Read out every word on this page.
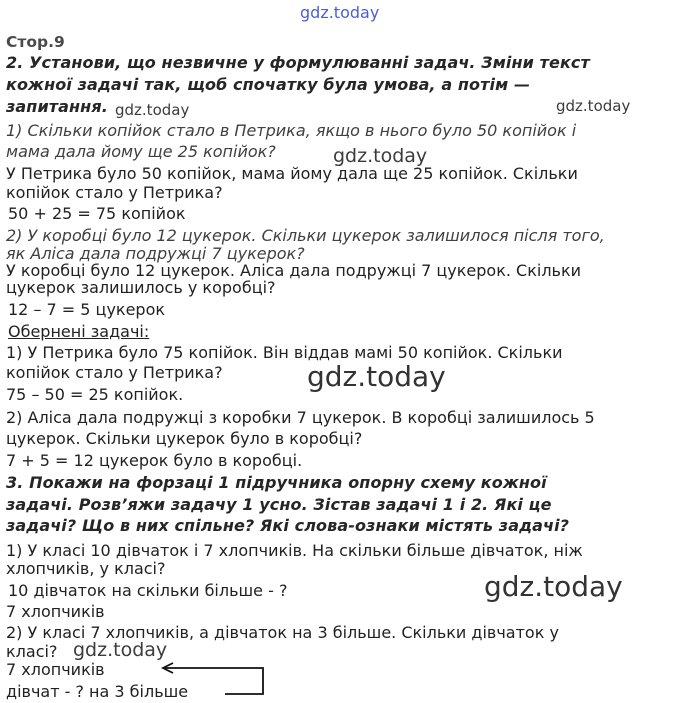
gdz.today
Стор.9
2. Установи, що незвичне у формулюванні задач. Зміни текст
кожної задачі так, щоб спочатку була умова, а потім —
запитання. gdz.today	gdz.today
1) Скільки копійок стало в Петрика, якщо в нього було 50 копійок і
мама дала йому ще 25 копійок?	gdz.today
У Петрика було 50 копійок, мама йому дала ще 25 копійок. Скільки
копійок стало у Петрика?
50 + 25 = 75 копійок
2) У коробці було 12 цукерок. Скільки цукерок залишилося після того,
як Аліса дала подружці 7 цукерок?
У коробці було 12 цукерок. Аліса дала подружці 7 цукерок. Скільки
цукерок залишилось у коробці?
12 – 7 = 5 цукерок
Обернені задачі:
1) У Петрика було 75 копійок. Він віддав мамі 50 копійок. Скільки
копійок стало у Петрика?	gdz.today
75 – 50 = 25 копійок.
2) Аліса дала подружці з коробки 7 цукерок. В коробці залишилось 5
цукерок. Скільки цукерок було в коробці?
7 + 5 = 12 цукерок було в коробці.
3. Покажи на форзаці 1 підручника опорну схему кожної
задачі. Розв’яжи задачу 1 усно. Зістав задачі 1 і 2. Які це
задачі? Що в них спільне? Які слова-ознаки містять задачі?
1) У класі 10 дівчаток і 7 хлопчиків. На скільки більше дівчаток, ніж
хлопчиків, у класі?
10 дівчаток на скільки більше - ?	gdz.today
7 хлопчиків
2) У класі 7 хлопчиків, а дівчаток на 3 більше. Скільки дівчаток у
класі? gdz.today
7 хлопчиків
дівчат - ? на 3 більше
